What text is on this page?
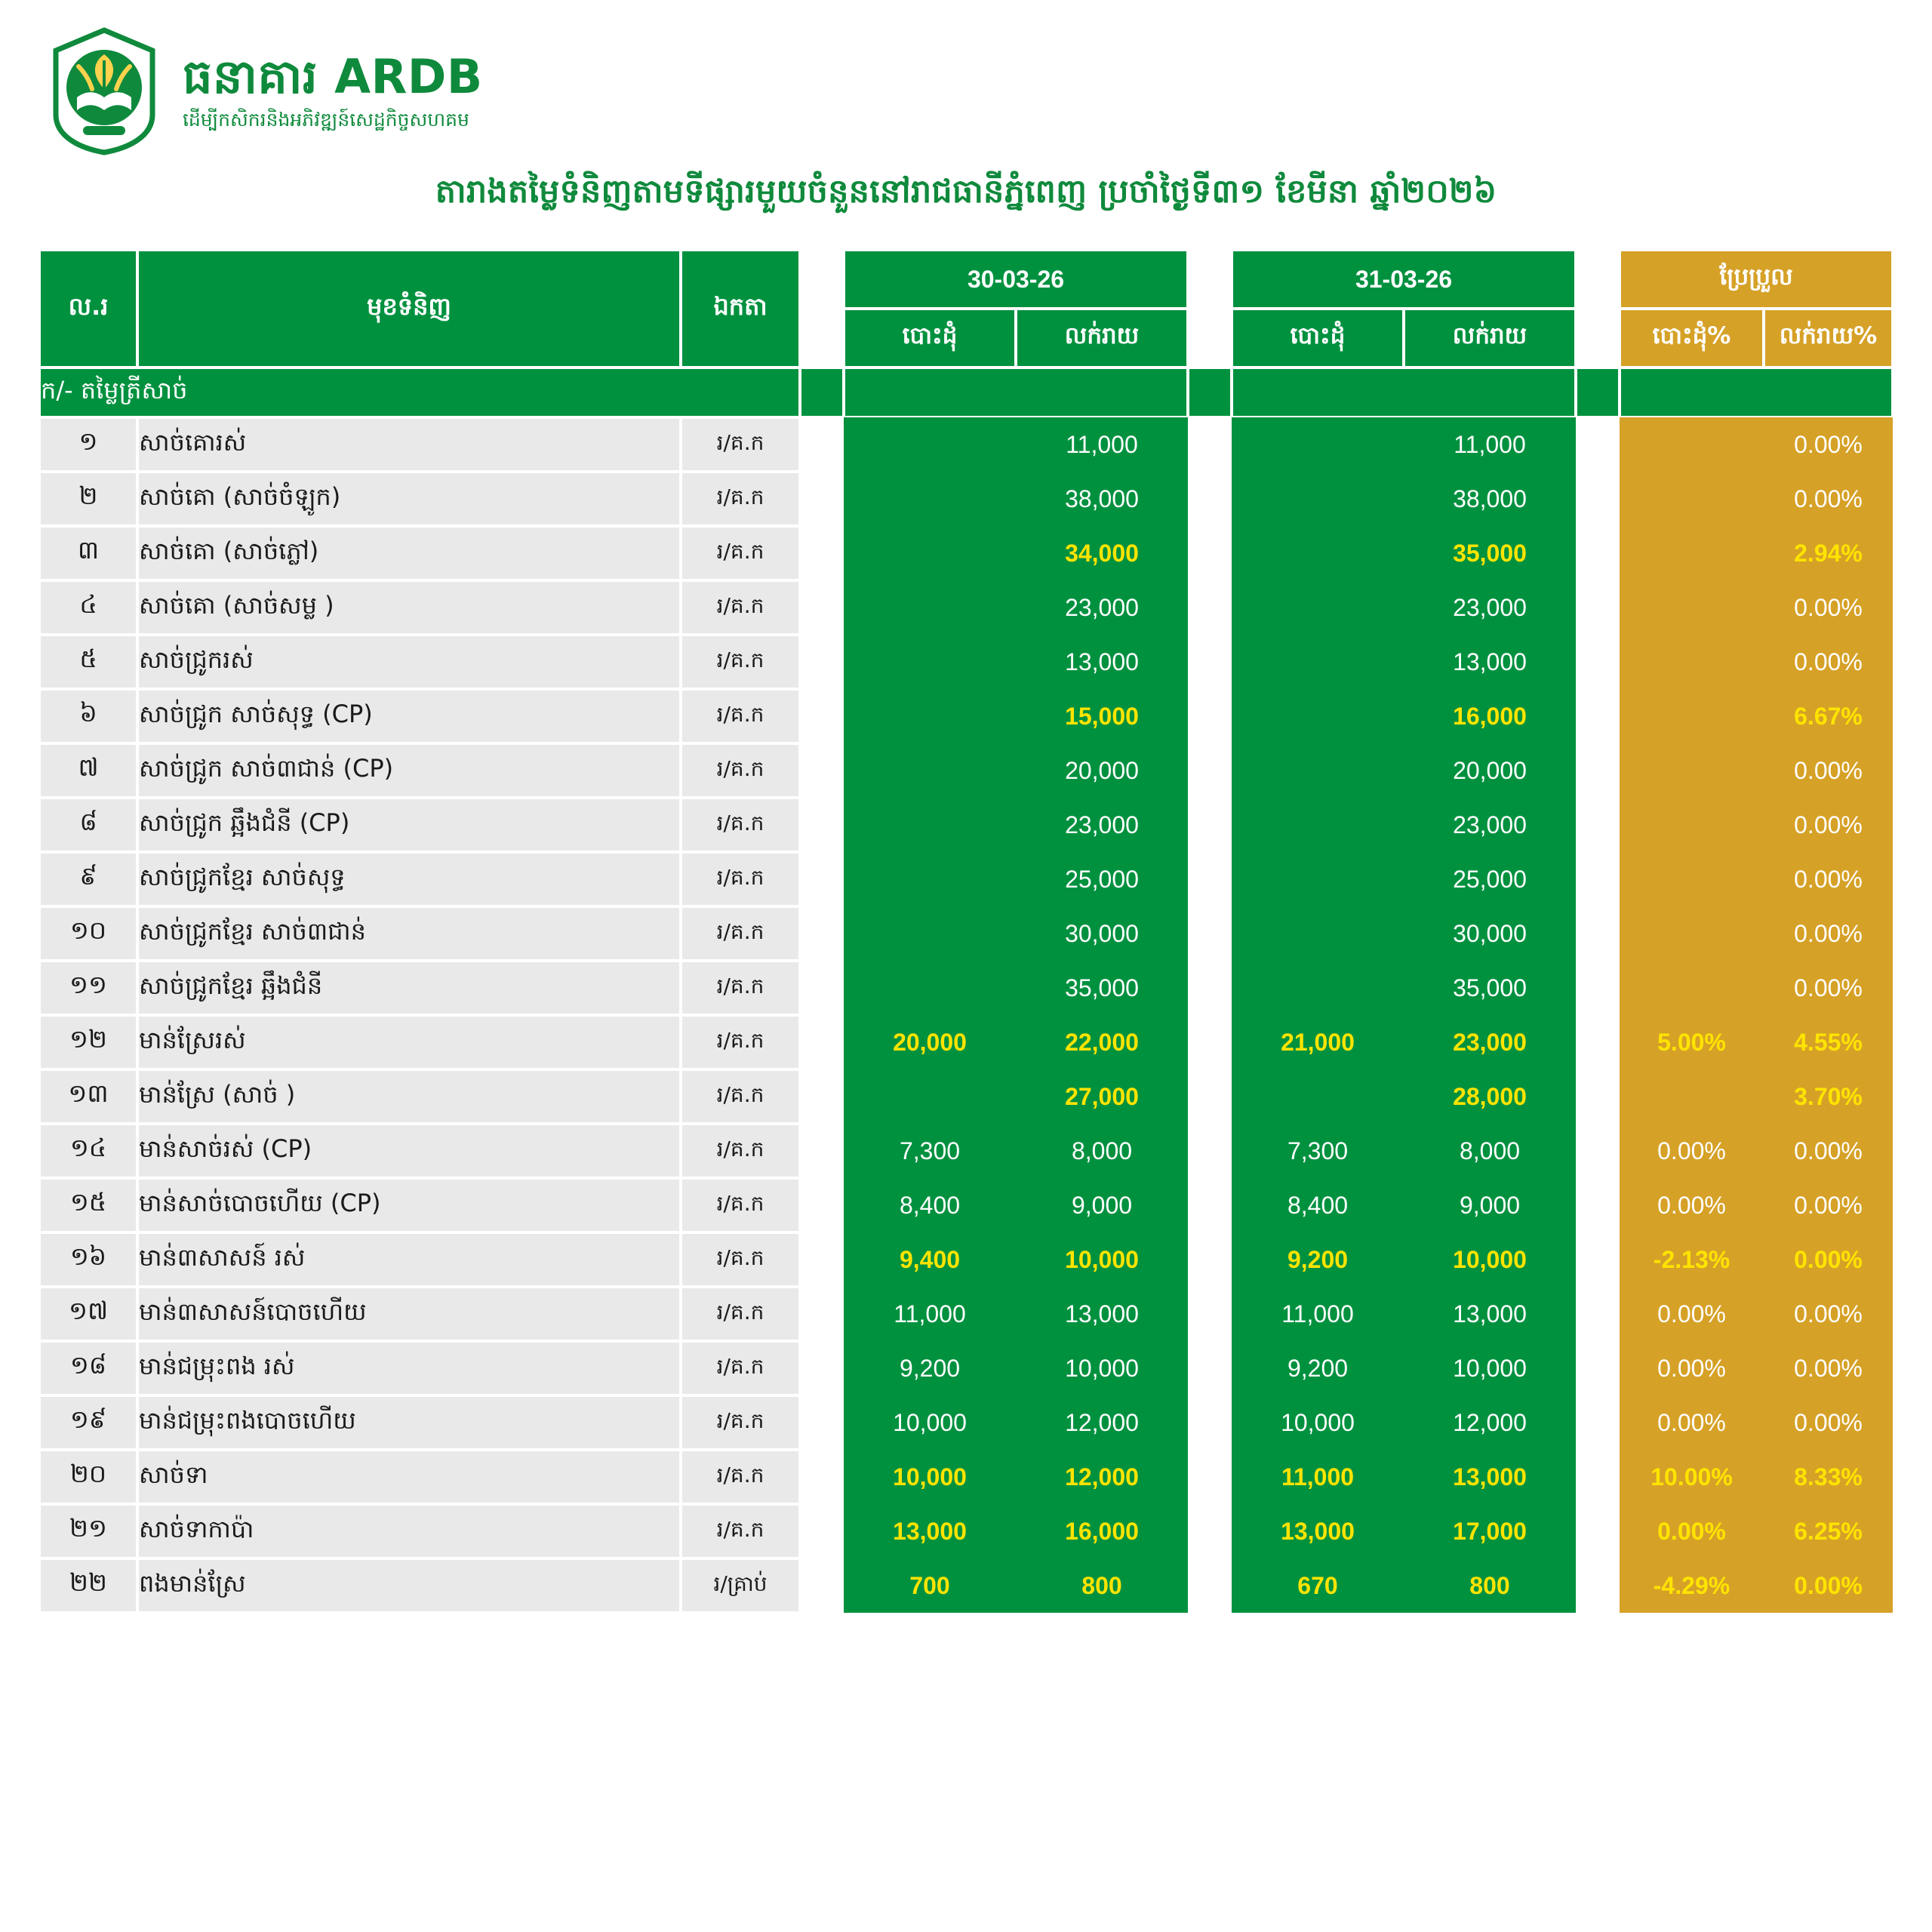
ធនាគារ ARDB
ដើម្បីកសិករនិងអភិវឌ្ឍន៍សេដ្ឋកិច្ចសហគម
តារាងតម្លៃទំនិញតាមទីផ្សារមួយចំនួននៅរាជធានីភ្នំពេញ ប្រចាំថ្ងៃទី៣១ ខែមីនា ឆ្នាំ២០២៦
ល.រ	មុខទំនិញ	ឯកតា		30-03-26			31-03-26			ប្រែប្រួល	
				បោះដុំ	លក់រាយ		បោះដុំ	លក់រាយ		បោះដុំ%	លក់រាយ%
ក/- តម្លៃត្រីសាច់											
១	សាច់គោរស់	រ/គ.ក			11,000			11,000			0.00%
២	សាច់គោ (សាច់ចំឡូក)	រ/គ.ក			38,000			38,000			0.00%
៣	សាច់គោ (សាច់ភ្លៅ)	រ/គ.ក			34,000			35,000			2.94%
៤	សាច់គោ (សាច់សម្ល )	រ/គ.ក			23,000			23,000			0.00%
៥	សាច់ជ្រូករស់	រ/គ.ក			13,000			13,000			0.00%
៦	សាច់ជ្រូក សាច់សុទ្ធ (CP)	រ/គ.ក			15,000			16,000			6.67%
៧	សាច់ជ្រូក សាច់៣ជាន់ (CP)	រ/គ.ក			20,000			20,000			0.00%
៨	សាច់ជ្រូក ឆ្អឹងជំនី (CP)	រ/គ.ក			23,000			23,000			0.00%
៩	សាច់ជ្រូកខ្មែរ សាច់សុទ្ធ	រ/គ.ក			25,000			25,000			0.00%
១០	សាច់ជ្រូកខ្មែរ សាច់៣ជាន់	រ/គ.ក			30,000			30,000			0.00%
១១	សាច់ជ្រូកខ្មែរ ឆ្អឹងជំនី	រ/គ.ក			35,000			35,000			0.00%
១២	មាន់ស្រែរស់	រ/គ.ក		20,000	22,000		21,000	23,000		5.00%	4.55%
១៣	មាន់ស្រែ (សាច់ )	រ/គ.ក			27,000			28,000			3.70%
១៤	មាន់សាច់រស់ (CP)	រ/គ.ក		7,300	8,000		7,300	8,000		0.00%	0.00%
១៥	មាន់សាច់បោចហើយ (CP)	រ/គ.ក		8,400	9,000		8,400	9,000		0.00%	0.00%
១៦	មាន់៣សាសន៍ រស់	រ/គ.ក		9,400	10,000		9,200	10,000		-2.13%	0.00%
១៧	មាន់៣សាសន៍បោចហើយ	រ/គ.ក		11,000	13,000		11,000	13,000		0.00%	0.00%
១៨	មាន់ជម្រុះពង រស់	រ/គ.ក		9,200	10,000		9,200	10,000		0.00%	0.00%
១៩	មាន់ជម្រុះពងបោចហើយ	រ/គ.ក		10,000	12,000		10,000	12,000		0.00%	0.00%
២០	សាច់ទា	រ/គ.ក		10,000	12,000		11,000	13,000		10.00%	8.33%
២១	សាច់ទាកាប៉ា	រ/គ.ក		13,000	16,000		13,000	17,000		0.00%	6.25%
២២	ពងមាន់ស្រែ	រ/គ្រាប់		700	800		670	800		-4.29%	0.00%
